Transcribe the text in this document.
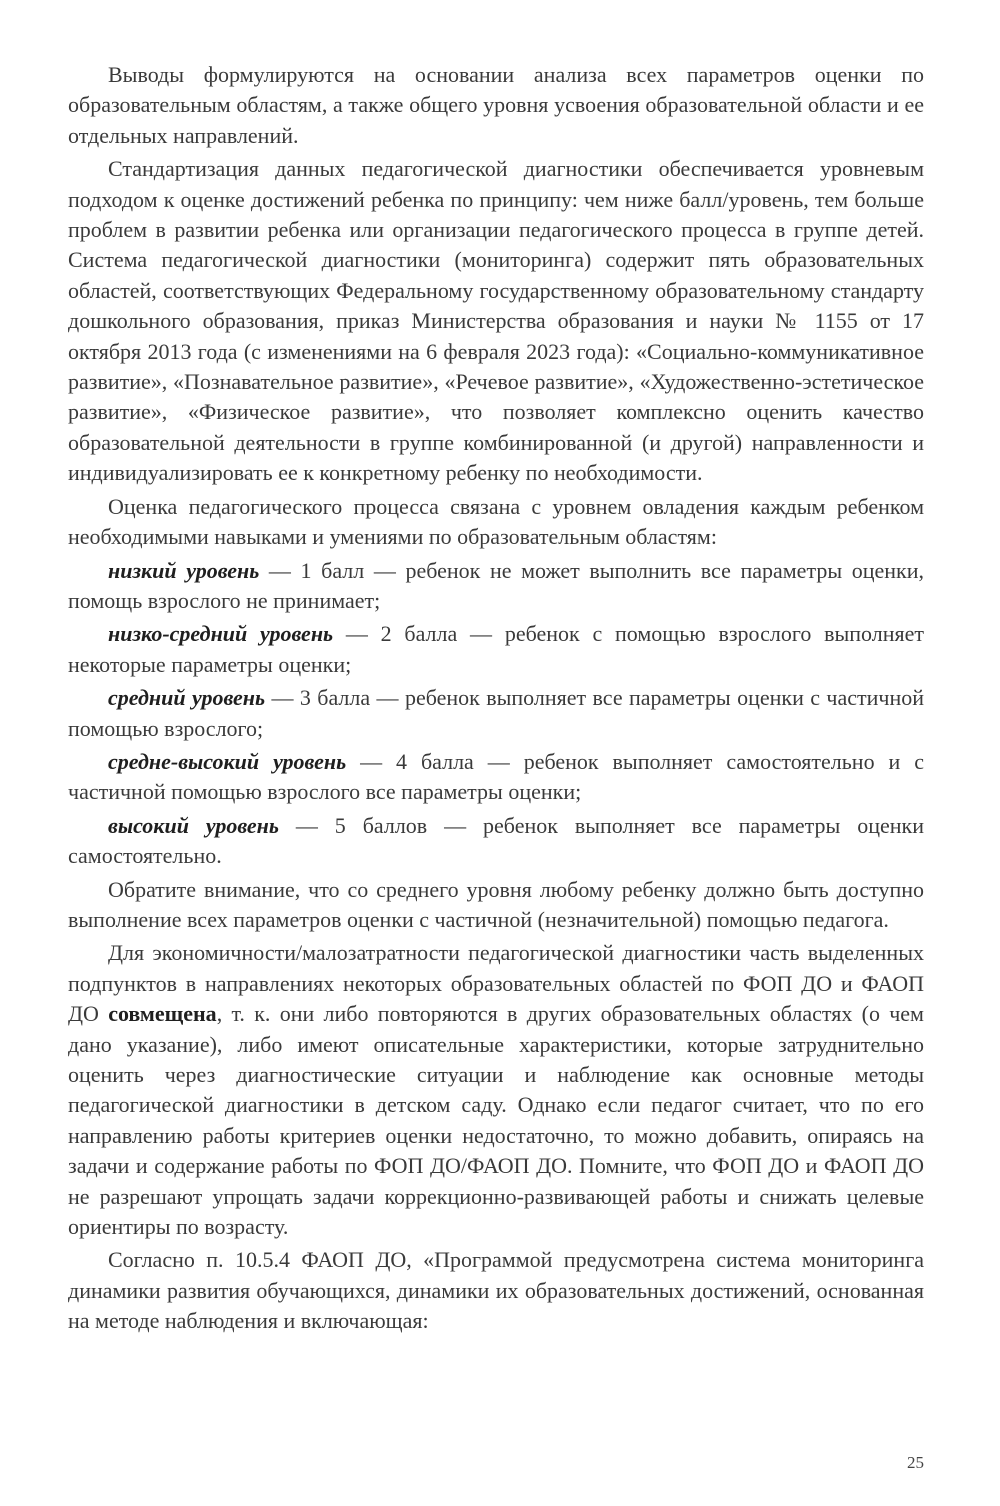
Выводы формулируются на основании анализа всех параметров оценки по образовательным областям, а также общего уровня усвоения образовательной области и ее отдельных направлений.

Стандартизация данных педагогической диагностики обеспечивается уровневым подходом к оценке достижений ребенка по принципу: чем ниже балл/уровень, тем больше проблем в развитии ребенка или организации педагогического процесса в группе детей. Система педагогической диагностики (мониторинга) содержит пять образовательных областей, соответствующих Федеральному государственному образовательному стандарту дошкольного образования, приказ Министерства образования и науки № 1155 от 17 октября 2013 года (с изменениями на 6 февраля 2023 года): «Социально-коммуникативное развитие», «Познавательное развитие», «Речевое развитие», «Художественно-эстетическое развитие», «Физическое развитие», что позволяет комплексно оценить качество образовательной деятельности в группе комбинированной (и другой) направленности и индивидуализировать ее к конкретному ребенку по необходимости.

Оценка педагогического процесса связана с уровнем овладения каждым ребенком необходимыми навыками и умениями по образовательным областям:

низкий уровень — 1 балл — ребенок не может выполнить все параметры оценки, помощь взрослого не принимает;

низко-средний уровень — 2 балла — ребенок с помощью взрослого выполняет некоторые параметры оценки;

средний уровень — 3 балла — ребенок выполняет все параметры оценки с частичной помощью взрослого;

средне-высокий уровень — 4 балла — ребенок выполняет самостоятельно и с частичной помощью взрослого все параметры оценки;

высокий уровень — 5 баллов — ребенок выполняет все параметры оценки самостоятельно.

Обратите внимание, что со среднего уровня любому ребенку должно быть доступно выполнение всех параметров оценки с частичной (незначительной) помощью педагога.

Для экономичности/малозатратности педагогической диагностики часть выделенных подпунктов в направлениях некоторых образовательных областей по ФОП ДО и ФАОП ДО совмещена, т. к. они либо повторяются в других образовательных областях (о чем дано указание), либо имеют описательные характеристики, которые затруднительно оценить через диагностические ситуации и наблюдение как основные методы педагогической диагностики в детском саду. Однако если педагог считает, что по его направлению работы критериев оценки недостаточно, то можно добавить, опираясь на задачи и содержание работы по ФОП ДО/ФАОП ДО. Помните, что ФОП ДО и ФАОП ДО не разрешают упрощать задачи коррекционно-развивающей работы и снижать целевые ориентиры по возрасту.

Согласно п. 10.5.4 ФАОП ДО, «Программой предусмотрена система мониторинга динамики развития обучающихся, динамики их образовательных достижений, основанная на методе наблюдения и включающая:

25
